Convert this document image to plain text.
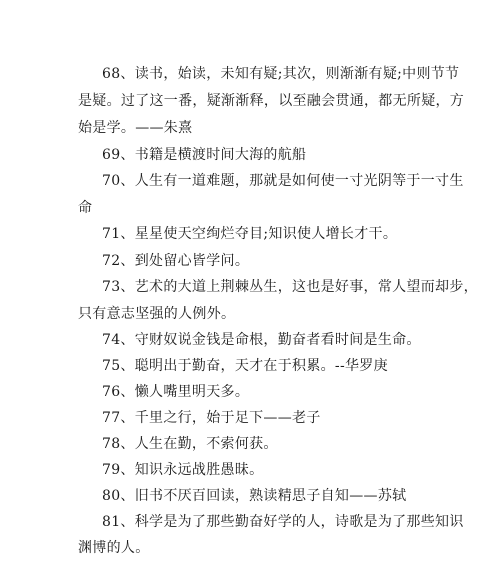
68、读书，始读，未知有疑;其次，则渐渐有疑;中则节节
是疑。过了这一番，疑渐渐释，以至融会贯通，都无所疑，方
始是学。——朱熹
69、书籍是横渡时间大海的航船
70、人生有一道难题，那就是如何使一寸光阴等于一寸生
命
71、星星使天空绚烂夺目;知识使人增长才干。
72、到处留心皆学问。
73、艺术的大道上荆棘丛生，这也是好事，常人望而却步，
只有意志坚强的人例外。
74、守财奴说金钱是命根，勤奋者看时间是生命。
75、聪明出于勤奋，天才在于积累。--华罗庚
76、懒人嘴里明天多。
77、千里之行，始于足下——老子
78、人生在勤，不索何获。
79、知识永远战胜愚昧。
80、旧书不厌百回读，熟读精思子自知——苏轼
81、科学是为了那些勤奋好学的人，诗歌是为了那些知识
渊博的人。
